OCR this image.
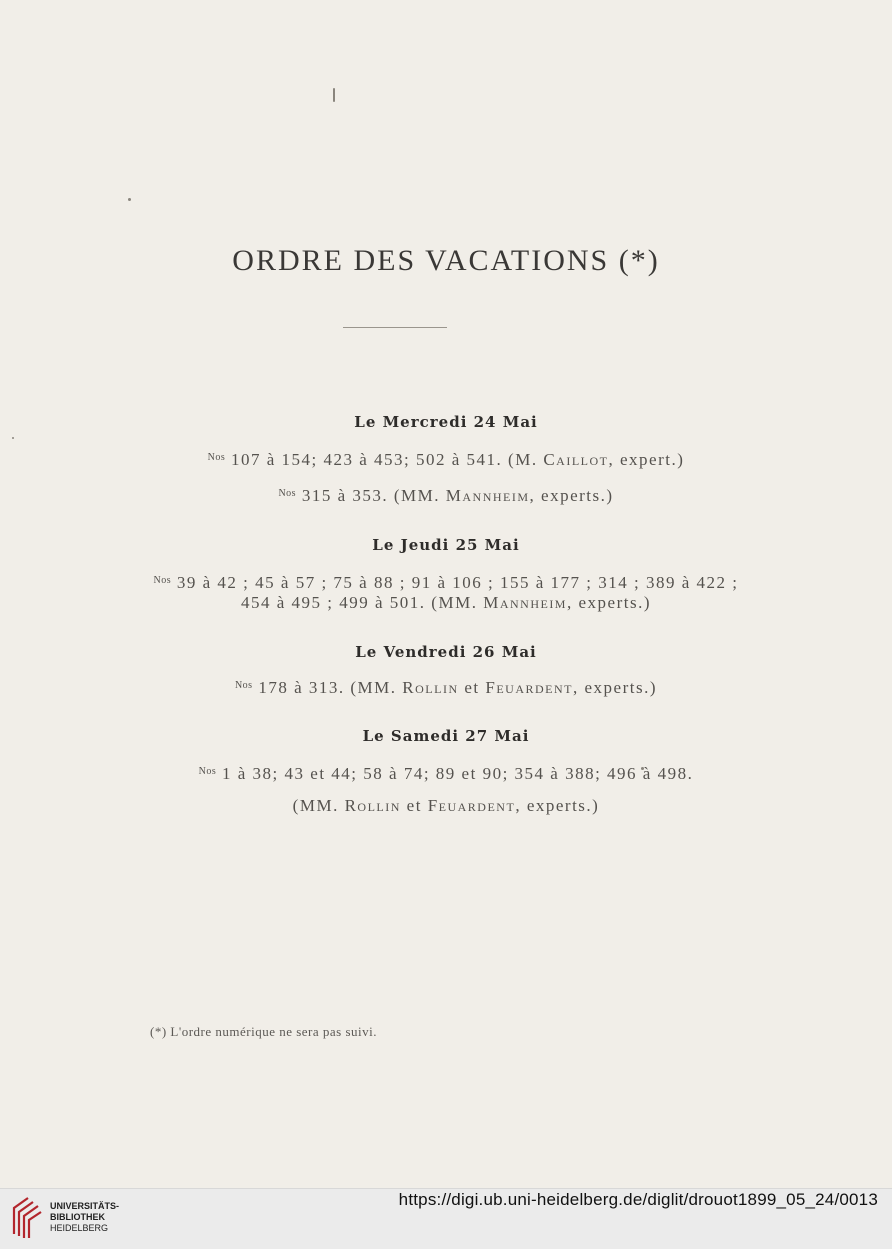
ORDRE DES VACATIONS (*)
Le Mercredi 24 Mai
$^{Nos}$ 107 à 154; 423 à 453; 502 à 541. (M. Caillot, expert.)
$^{Nos}$ 315 à 353. (MM. Mannheim, experts.)
Le Jeudi 25 Mai
$^{Nos}$ 39 à 42 ; 45 à 57 ; 75 à 88 ; 91 à 106 ; 155 à 177 ; 314 ; 389 à 422 ;
454 à 495 ; 499 à 501. (MM. Mannheim, experts.)
Le Vendredi 26 Mai
$^{Nos}$ 178 à 313. (MM. Rollin et Feuardent, experts.)
Le Samedi 27 Mai
$^{Nos}$ 1 à 38; 43 et 44; 58 à 74; 89 et 90; 354 à 388; 496 à 498.
(MM. Rollin et Feuardent, experts.)
(*) L'ordre numérique ne sera pas suivi.
UNIVERSITÄTS-
BIBLIOTHEK
HEIDELBERG
https://digi.ub.uni-heidelberg.de/diglit/drouot1899_05_24/0013
